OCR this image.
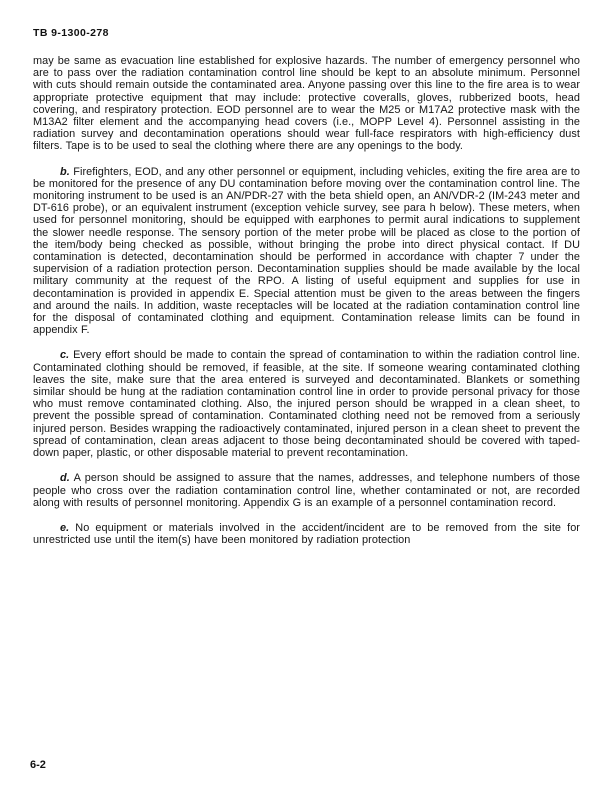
TB 9-1300-278

may be same as evacuation line established for explosive hazards. The number of emergency personnel who are to pass over the radiation contamination control line should be kept to an absolute minimum. Personnel with cuts should remain outside the contaminated area. Anyone passing over this line to the fire area is to wear appropriate protective equipment that may include: protective coveralls, gloves, rubberized boots, head covering, and respiratory protection. EOD personnel are to wear the M25 or M17A2 protective mask with the M13A2 filter element and the accompanying head covers (i.e., MOPP Level 4). Personnel assisting in the radiation survey and decontamination operations should wear full-face respirators with high-efficiency dust filters. Tape is to be used to seal the clothing where there are any openings to the body.

b. Firefighters, EOD, and any other personnel or equipment, including vehicles, exiting the fire area are to be monitored for the presence of any DU contamination before moving over the contamination control line. The monitoring instrument to be used is an AN/PDR-27 with the beta shield open, an AN/VDR-2 (IM-243 meter and DT-616 probe), or an equivalent instrument (exception vehicle survey, see para h below). These meters, when used for personnel monitoring, should be equipped with earphones to permit aural indications to supplement the slower needle response. The sensory portion of the meter probe will be placed as close to the portion of the item/body being checked as possible, without bringing the probe into direct physical contact. If DU contamination is detected, decontamination should be performed in accordance with chapter 7 under the supervision of a radiation protection person. Decontamination supplies should be made available by the local military community at the request of the RPO. A listing of useful equipment and supplies for use in decontamination is provided in appendix E. Special attention must be given to the areas between the fingers and around the nails. In addition, waste receptacles will be located at the radiation contamination control line for the disposal of contaminated clothing and equipment. Contamination release limits can be found in appendix F.

c. Every effort should be made to contain the spread of contamination to within the radiation control line. Contaminated clothing should be removed, if feasible, at the site. If someone wearing contaminated clothing leaves the site, make sure that the area entered is surveyed and decontaminated. Blankets or something similar should be hung at the radiation contamination control line in order to provide personal privacy for those who must remove contaminated clothing. Also, the injured person should be wrapped in a clean sheet, to prevent the possible spread of contamination. Contaminated clothing need not be removed from a seriously injured person. Besides wrapping the radioactively contaminated, injured person in a clean sheet to prevent the spread of contamination, clean areas adjacent to those being decontaminated should be covered with taped-down paper, plastic, or other disposable material to prevent recontamination.

d. A person should be assigned to assure that the names, addresses, and telephone numbers of those people who cross over the radiation contamination control line, whether contaminated or not, are recorded along with results of personnel monitoring. Appendix G is an example of a personnel contamination record.

e. No equipment or materials involved in the accident/incident are to be removed from the site for unrestricted use until the item(s) have been monitored by radiation protection

6-2
